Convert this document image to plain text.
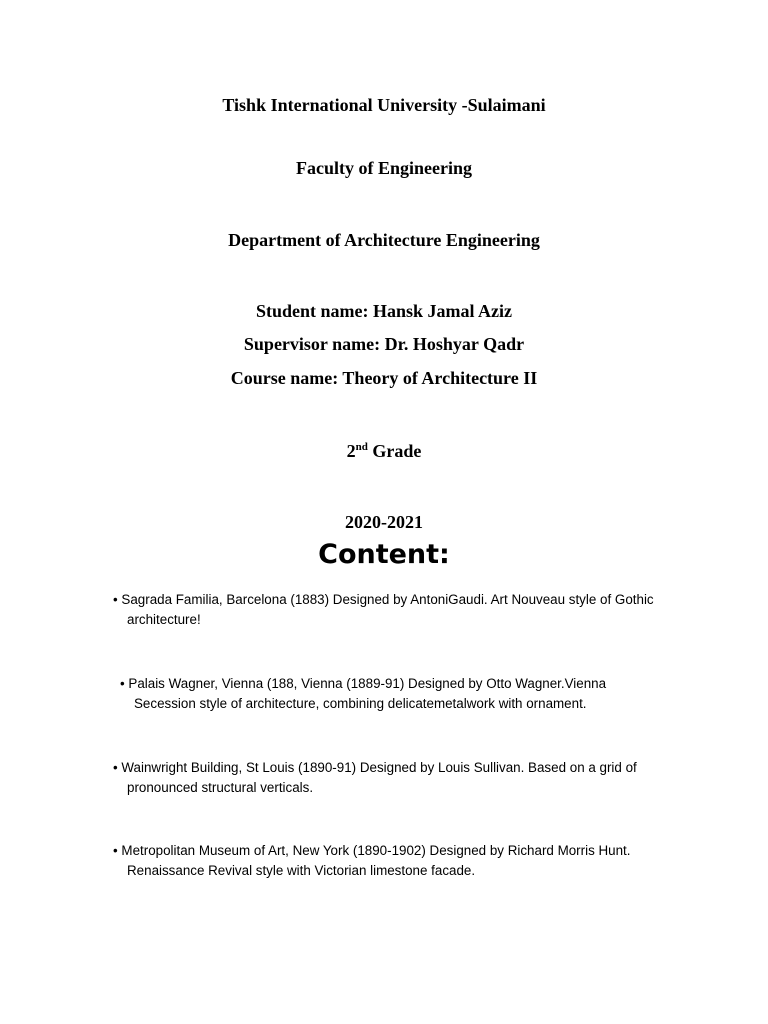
Tishk International University -Sulaimani
Faculty of Engineering
Department of Architecture Engineering
Student name: Hansk Jamal Aziz
Supervisor name: Dr. Hoshyar Qadr
Course name: Theory of Architecture II
2nd Grade
2020-2021
Content:
• Sagrada Familia, Barcelona (1883) Designed by AntoniGaudi. Art Nouveau style of Gothic
architecture!
• Palais Wagner, Vienna (188, Vienna (1889-91) Designed by Otto Wagner.Vienna
Secession style of architecture, combining delicatemetalwork with ornament.
• Wainwright Building, St Louis (1890-91) Designed by Louis Sullivan. Based on a grid of
pronounced structural verticals.
• Metropolitan Museum of Art, New York (1890-1902) Designed by Richard Morris Hunt.
Renaissance Revival style with Victorian limestone facade.
